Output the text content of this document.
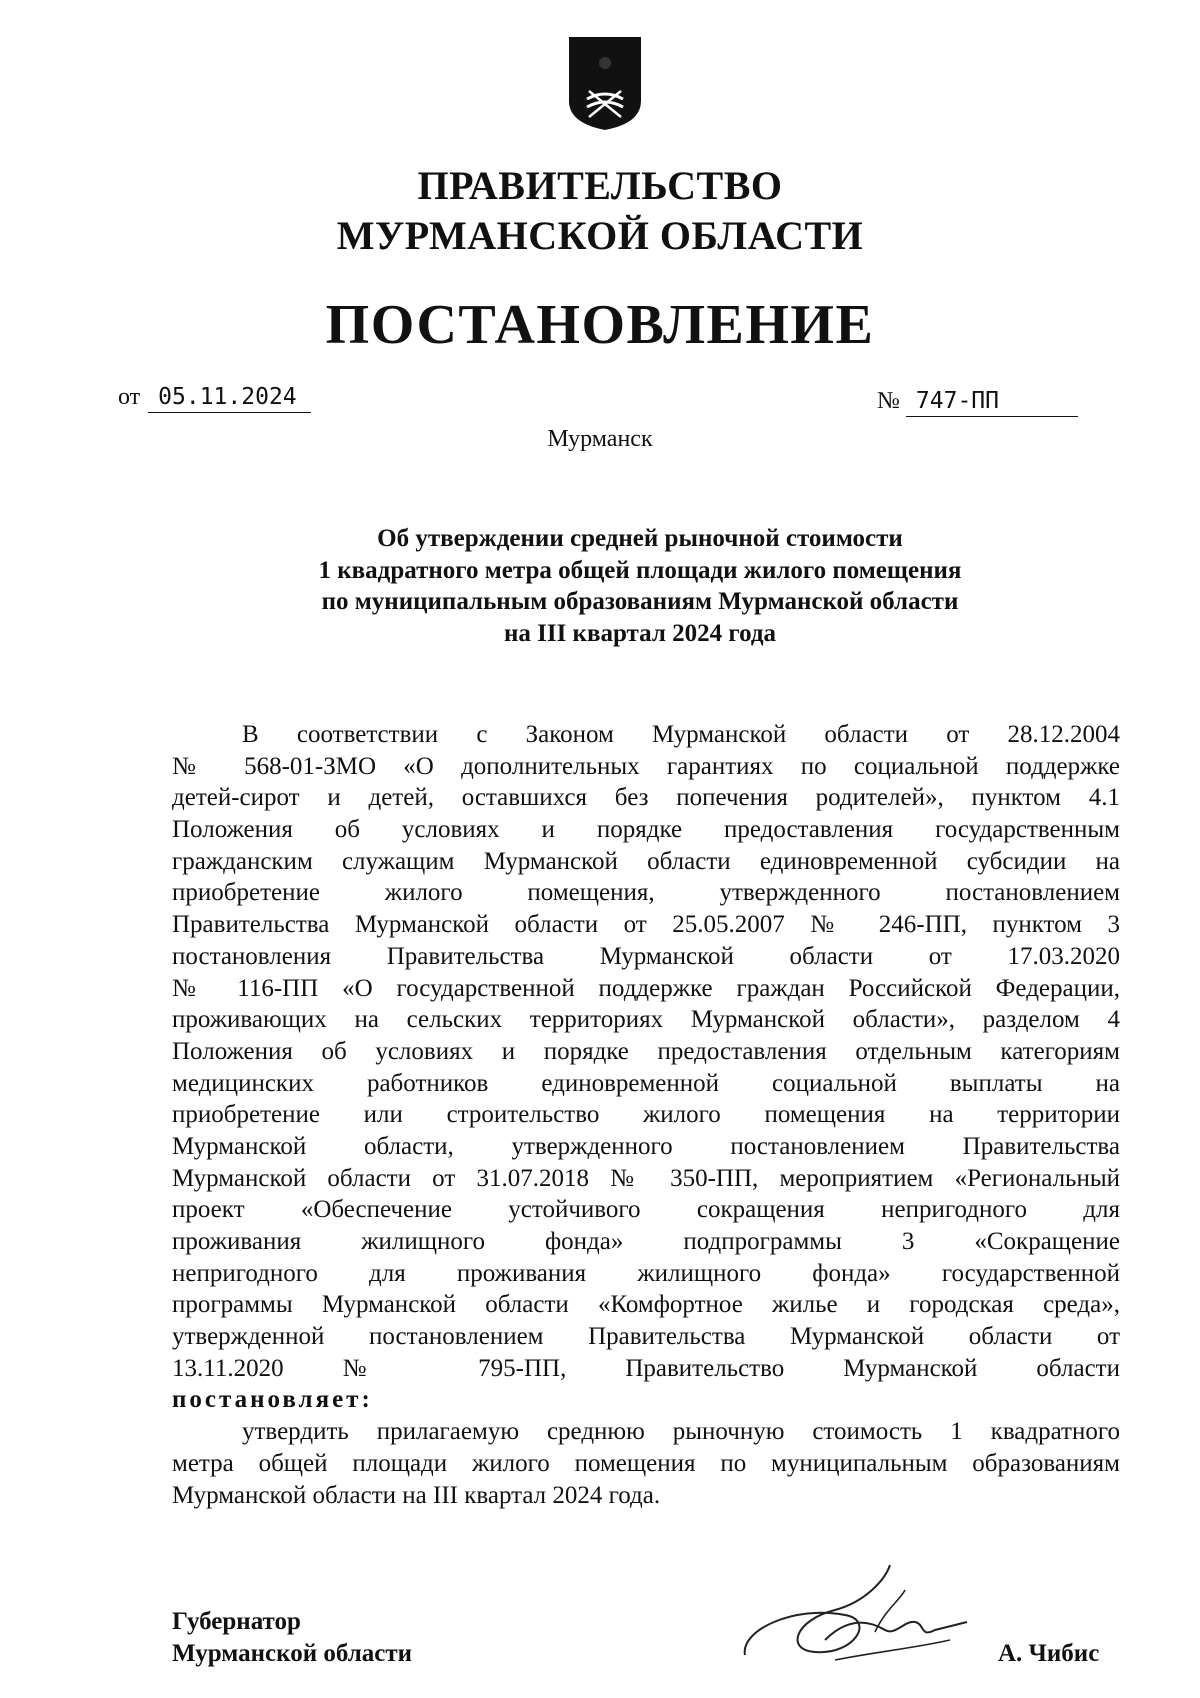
ПРАВИТЕЛЬСТВО
МУРМАНСКОЙ ОБЛАСТИ
ПОСТАНОВЛЕНИЕ
от 05.11.2024	№ 747-ПП
Мурманск
Об утверждении средней рыночной стоимости
1 квадратного метра общей площади жилого помещения
по муниципальным образованиям Мурманской области
на III квартал 2024 года
В соответствии с Законом Мурманской области от 28.12.2004
№ 568-01-ЗМО «О дополнительных гарантиях по социальной поддержке
детей-сирот и детей, оставшихся без попечения родителей», пунктом 4.1
Положения об условиях и порядке предоставления государственным
гражданским служащим Мурманской области единовременной субсидии на
приобретение жилого помещения, утвержденного постановлением
Правительства Мурманской области от 25.05.2007 № 246-ПП, пунктом 3
постановления Правительства Мурманской области от 17.03.2020
№ 116-ПП «О государственной поддержке граждан Российской Федерации,
проживающих на сельских территориях Мурманской области», разделом 4
Положения об условиях и порядке предоставления отдельным категориям
медицинских работников единовременной социальной выплаты на
приобретение или строительство жилого помещения на территории
Мурманской области, утвержденного постановлением Правительства
Мурманской области от 31.07.2018 № 350-ПП, мероприятием «Региональный
проект «Обеспечение устойчивого сокращения непригодного для
проживания жилищного фонда» подпрограммы 3 «Сокращение
непригодного для проживания жилищного фонда» государственной
программы Мурманской области «Комфортное жилье и городская среда»,
утвержденной постановлением Правительства Мурманской области от
13.11.2020 № 795-ПП, Правительство Мурманской области
постановляет:
утвердить прилагаемую среднюю рыночную стоимость 1 квадратного
метра общей площади жилого помещения по муниципальным образованиям
Мурманской области на III квартал 2024 года.
Губернатор
Мурманской области	А. Чибис
